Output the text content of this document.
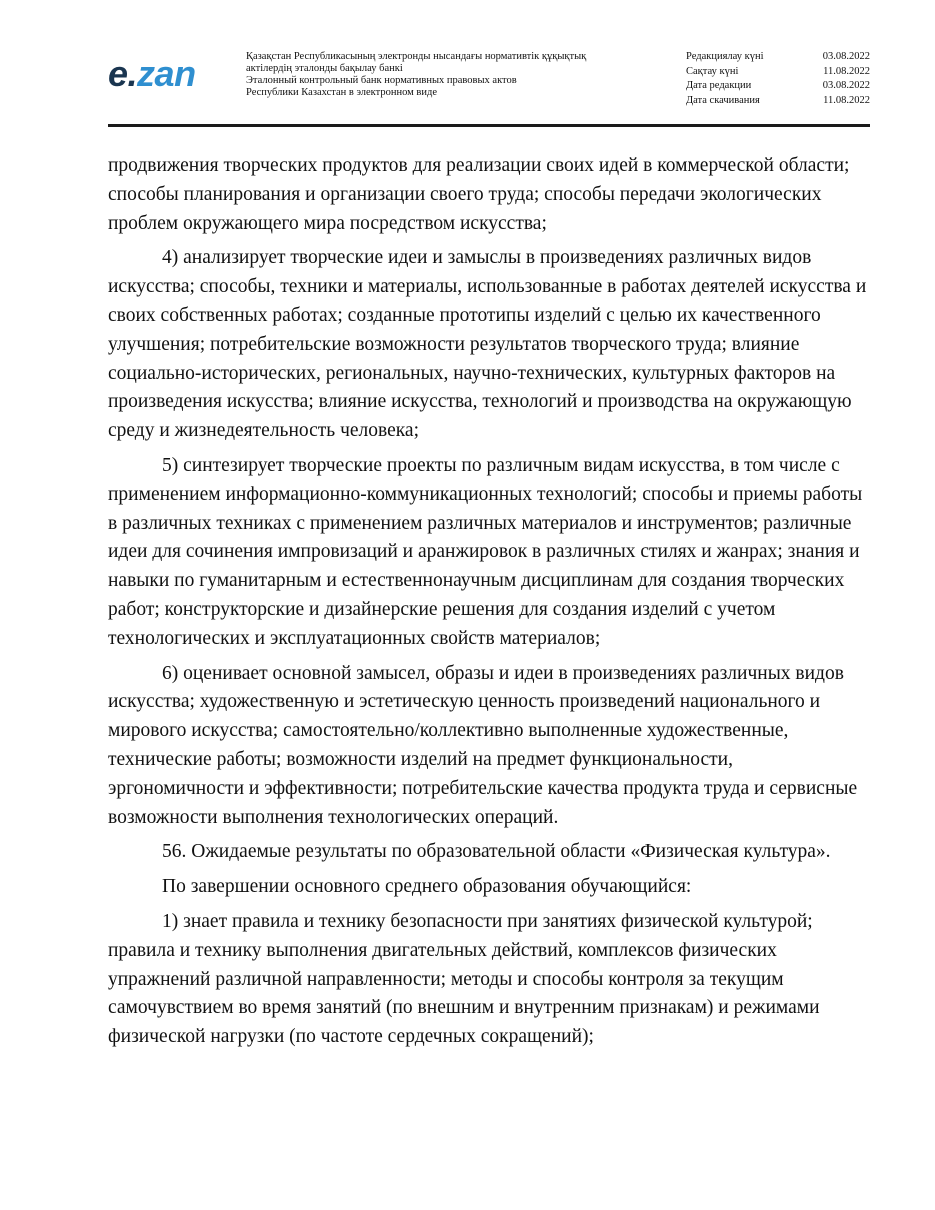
e.zan	Қазақстан Республикасының электронды нысандағы нормативтік құқықтық
актілердің эталонды бақылау банкі
Эталонный контрольный банк нормативных правовых актов
Республики Казахстан в электронном виде
Редакциялау күні	03.08.2022
Сақтау күні	11.08.2022
Дата редакции	03.08.2022
Дата скачивания	11.08.2022

продвижения творческих продуктов для реализации своих идей в коммерческой области; способы планирования и организации своего труда; способы передачи экологических проблем окружающего мира посредством искусства;

4) анализирует творческие идеи и замыслы в произведениях различных видов искусства; способы, техники и материалы, использованные в работах деятелей искусства и своих собственных работах; созданные прототипы изделий с целью их качественного улучшения; потребительские возможности результатов творческого труда; влияние социально-исторических, региональных, научно-технических, культурных факторов на произведения искусства; влияние искусства, технологий и производства на окружающую среду и жизнедеятельность человека;

5) синтезирует творческие проекты по различным видам искусства, в том числе с применением информационно-коммуникационных технологий; способы и приемы работы в различных техниках с применением различных материалов и инструментов; различные идеи для сочинения импровизаций и аранжировок в различных стилях и жанрах; знания и навыки по гуманитарным и естественнонаучным дисциплинам для создания творческих работ; конструкторские и дизайнерские решения для создания изделий с учетом технологических и эксплуатационных свойств материалов;

6) оценивает основной замысел, образы и идеи в произведениях различных видов искусства; художественную и эстетическую ценность произведений национального и мирового искусства; самостоятельно/коллективно выполненные художественные, технические работы; возможности изделий на предмет функциональности, эргономичности и эффективности; потребительские качества продукта труда и сервисные возможности выполнения технологических операций.

56. Ожидаемые результаты по образовательной области «Физическая культура».

По завершении основного среднего образования обучающийся:

1) знает правила и технику безопасности при занятиях физической культурой; правила и технику выполнения двигательных действий, комплексов физических упражнений различной направленности; методы и способы контроля за текущим самочувствием во время занятий (по внешним и внутренним признакам) и режимами физической нагрузки (по частоте сердечных сокращений);
